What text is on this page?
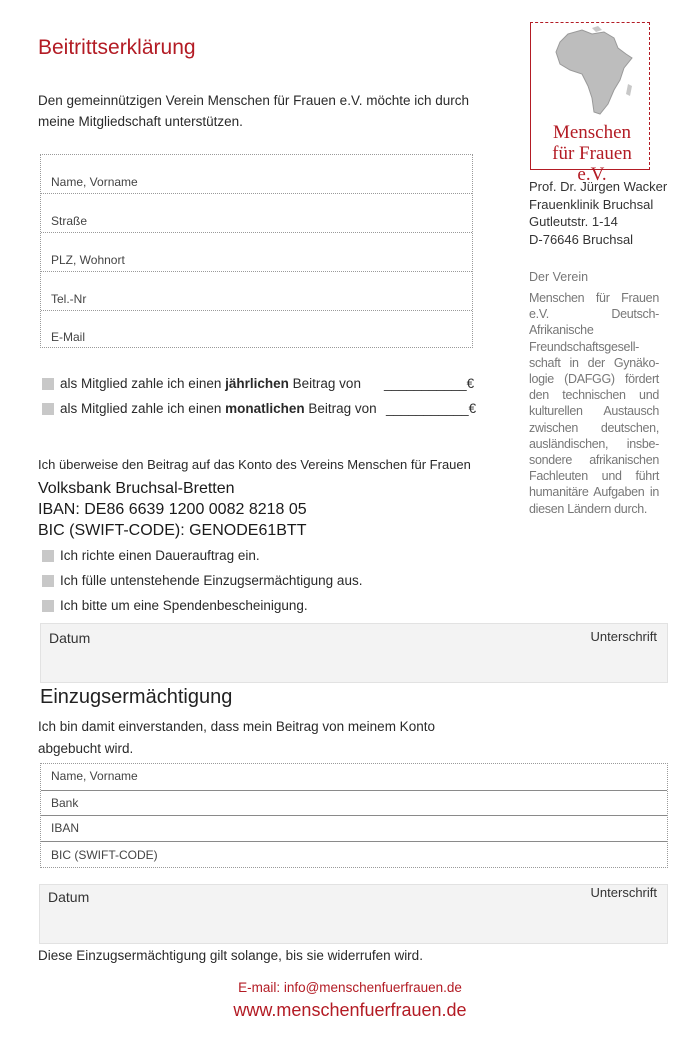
Beitrittserklärung
Den gemeinnützigen Verein Menschen für Frauen e.V. möchte ich durch meine Mitgliedschaft unterstützen.
Menschen
für Frauen e.V.
Prof. Dr. Jürgen Wacker
Frauenklinik Bruchsal
Gutleutstr. 1-14
D-76646 Bruchsal
Der Verein
Menschen für Frauen e.V. Deutsch-Afrikanische Freundschaftsgesell-schaft in der Gynäko-logie (DAFGG) fördert den technischen und kulturellen Austausch zwischen deutschen, ausländischen, insbe-sondere afrikanischen Fachleuten und führt humanitäre Aufgaben in diesen Ländern durch.
Name, Vorname
Straße
PLZ, Wohnort
Tel.-Nr
E-Mail
als Mitglied zahle ich einen
jährlichen
Beitrag von ___________€
als Mitglied zahle ich einen
monatlichen
Beitrag von ___________€
Ich überweise den Beitrag auf das Konto des Vereins Menschen für Frauen
Volksbank Bruchsal-Bretten
IBAN: DE86 6639 1200 0082 8218 05
BIC (SWIFT-CODE): GENODE61BTT
Ich richte einen Dauerauftrag ein.
Ich fülle untenstehende Einzugsermächtigung aus.
Ich bitte um eine Spendenbescheinigung.
Datum	Unterschrift
Einzugsermächtigung
Ich bin damit einverstanden, dass mein Beitrag von meinem Konto abgebucht wird.
Name, Vorname
Bank
IBAN
BIC (SWIFT-CODE)
Datum	Unterschrift
Diese Einzugsermächtigung gilt solange, bis sie widerrufen wird.
E-mail: info@menschenfuerfrauen.de
www.menschenfuerfrauen.de
